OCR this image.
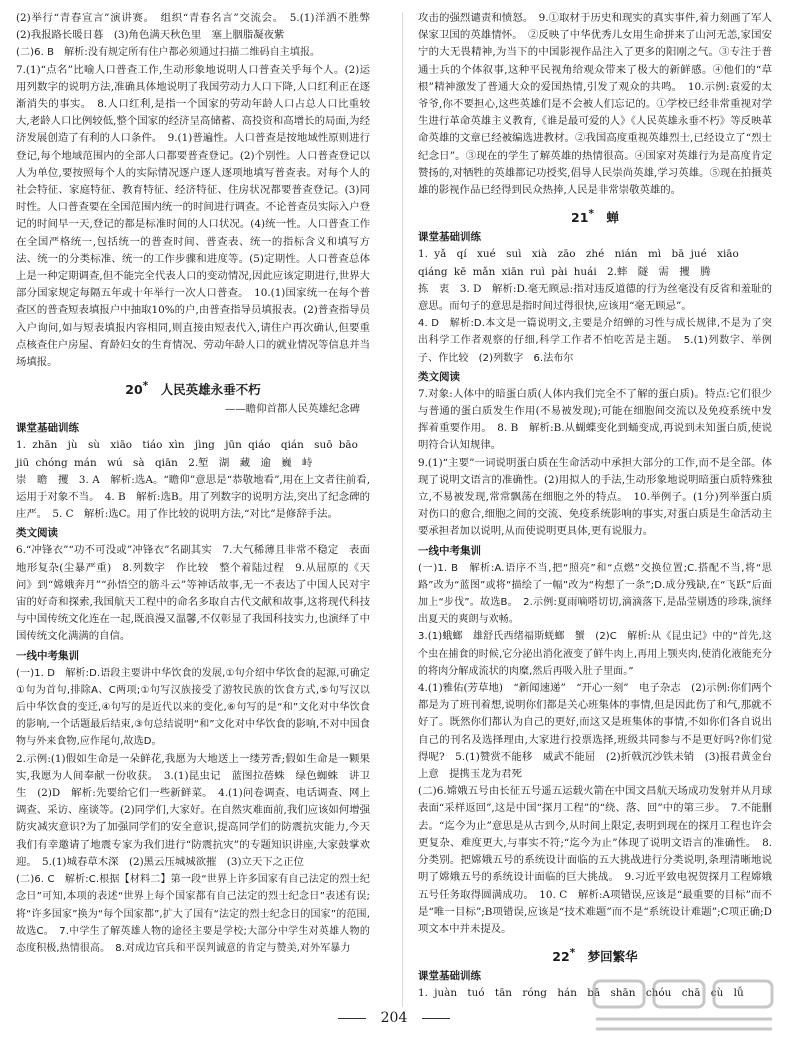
(2)举行“青春宣言”演讲赛。　组织“青春名言”交流会。　5.(1)洋洒不胜弊　(2)我报路长暖日暮　(3)角色满天秋色里　塞上胭脂凝夜紫

(二)6. B　解析:没有规定所有住户都必须通过扫描二维码自主填报。

7.(1)“点名”比喻人口普查工作,生动形象地说明人口普查关乎每个人。(2)运用列数字的说明方法,准确具体地说明了我国劳动力人口下降,人口红利正在逐渐消失的事实。　8.人口红利,是指一个国家的劳动年龄人口占总人口比重较大,老龄人口比例较低,整个国家的经济呈高储蓄、高投资和高增长的局面,为经济发展创造了有利的人口条件。　9.(1)普遍性。人口普查是按地域性原则进行登记,每个地域范围内的全部人口都要普查登记。(2)个别性。人口普查登记以人为单位,要按照每个人的实际情况逐户逐人逐项地填写普查表。对每个人的社会特征、家庭特征、教育特征、经济特征、住房状况都要普查登记。(3)同时性。人口普查要在全国范围内统一的时间进行调查。不论普查员实际入户登记的时间早一天,登记的都是标准时间的人口状况。(4)统一性。人口普查工作在全国严格统一,包括统一的普查时间、普查表、统一的指标含义和填写方法、统一的分类标准、统一的工作步骤和进度等。(5)定期性。人口普查总体上是一种定期调查,但不能完全代表人口的变动情况,因此应该定期进行,世界大部分国家规定每隔五年或十年举行一次人口普查。　10.(1)国家统一在每个普查区的普查短表填报户中抽取10%的户,由普查指导员填报表。(2)普查指导员入户询问,如与短表填报内容相同,则直接由短表代入,请住户再次确认,但要重点核查住户房屋、育龄妇女的生育情况、劳动年龄人口的就业情况等信息并当场填报。

20*　 人民英雄永垂不朽

——瞻仰首都人民英雄纪念碑

课堂基础训练

1. zhān　jù　sù　xiāo　tiáo xìn　jìng　jūn qiáo　qián　suō bāo

jiū chóng mán　wú　sà　qiān　2.堑　湖　藏　逾　巍　峙

崇　瞻　攫　3. A　解析:选A。“瞻仰”意思是“恭敬地看”,用在上文者往前看,运用于对象不当。　4. B　解析:选B。用了列数字的说明方法,突出了纪念碑的庄严。　5. C　解析:选C。用了作比较的说明方法,“对比”是修辞手法。

类文阅读

6.“冲锋衣”“功不可没或”冲锋衣”名副其实　7.大气稀薄且非常不稳定　表面地形复杂(尘暴严重)　8.列数字　作比较　整个着陆过程　9.从屈原的《天问》到“嫦娥奔月”“孙悟空的筋斗云”等神话故事,无一不表达了中国人民对宇宙的好奇和探索,我国航天工程中的命名多取自古代文献和故事,这将现代科技与中国传统文化连在一起,既浪漫又温馨,不仅彰显了我国科技实力,也演绎了中国传统文化满满的自信。

一线中考集训

(一)1. D　解析:D.语段主要讲中华饮食的发展,①句介绍中华饮食的起源,可确定①句为首句,排除A、C两项;①句写汉族接受了游牧民族的饮食方式,⑤句写汉以后中华饮食的变迁,④句写的是近代以来的变化,⑥句写的是“和”文化对中华饮食的影响,一个话题最后结束,③句总结说明“和”文化对中华饮食的影响,不对中国食物与外来食物,应作尾句,故选D。

2.示例:(1)假如生命是一朵鲜花,我愿为大地送上一缕芳香;假如生命是一颗果实,我愿为人间奉献一份收获。　3.(1)昆虫记　蓝图拉蓓蛛　绿色蜘蛛　讲卫生　(2)D　解析:先要给它们一些新鲜菜。　4.(1)问卷调查、电话调查、网上调查、采访、座谈等。(2)同学们,大家好。在自然灾难面前,我们应该如何增强防灾减灾意识?为了加强同学们的安全意识,提高同学们的防震抗灾能力,今天我们有幸邀请了地震专家为我们进行“防震抗灾”的专题知识讲座,大家鼓掌欢迎。　5.(1)城春草木深　(2)黑云压城城欲摧　(3)立天下之正位

(二)6. C　解析:C.根据【材料二】第一段“世界上许多国家有自己法定的烈士纪念日”可知,本项的表述“世界上每个国家都有自己法定的烈士纪念日”表述有误;将“许多国家”换为“每个国家都”,扩大了国有“法定的烈士纪念日的国家”的范围,故选C。　7.中学生了解英雄人物的途径主要是学校;大部分中学生对英雄人物的态度积极,热情很高。　8.对成边官兵和平误判诚意的肯定与赞美,对外军暴力

攻击的强烈谴责和愤怒。　9.①取材于历史和现实的真实事件,着力刻画了军人保家卫国的英雄情怀。　②反映了中华优秀儿女用生命拼来了山河无恙,家国安宁的大无畏精神,为当下的中国影视作品注入了更多的阳刚之气。③专注于普通士兵的个体叙事,这种平民视角给观众带来了极大的新鲜感。④他们的“草根”精神激发了普通大众的爱国热情,引发了观众的共鸣。　10.示例:袁爱的太爷爷,你不要担心,这些英雄们是不会被人们忘记的。①学校已经非常重视对学生进行革命英雄主义教育,《谁是最可爱的人》《人民英雄永垂不朽》等反映革命英雄的文章已经被编选进教材。②我国高度重视英雄烈士,已经设立了“烈士纪念日”。③现在的学生了解英雄的热情很高。④国家对英雄行为是高度肯定赞扬的,对牺牲的英雄都记功授奖,倡导人民崇尚英雄,学习英雄。⑤现在拍摄英雄的影视作品已经得到民众热捧,人民是非常崇敬英雄的。

21*　 蝉

课堂基础训练

1. yǎ　qí　xué　suì　xià　zāo　zhé　nián　mì　bā jué　xiāo

qiáng kē mǎn xiān ruì pài huái　2.蟀　隧　需　攫　腾

拣　衷　3. D　解析:D.毫无顾忌:指对违反道德的行为丝毫没有反省和羞耻的意思。而句子的意思是指时间过得很快,应该用“毫无顾忌”。

4. D　解析:D.本文是一篇说明文,主要是介绍蝉的习性与成长规律,不是为了突出科学工作者观察的仔细,科学工作者不怕吃苦是主题。　5.(1)列数字、举例子、作比较　(2)列数字　6.法布尔

类文阅读

7.对象:人体中的暗蛋白质(人体内我们完全不了解的蛋白质)。特点:它们很少与普通的蛋白质发生作用(不易被发现);可能在细胞间交流以及免疫系统中发挥着重要作用。　8. B　解析:B.从蝴蝶变化到蛹变成,再说到未知蛋白质,使说明符合认知规律。

9.(1)“主要”一词说明蛋白质在生命活动中承担大部分的工作,而不是全部。体现了说明文语言的准确性。(2)用拟人的手法,生动形象地说明暗蛋白质特殊独立,不易被发现,常常飘荡在细胞之外的特点。　10.举例子。(1分)列举蛋白质对伤口的愈合,细胞之间的交流、免疫系统影响的事实,对蛋白质是生命活动主要承担者加以说明,从而使说明更具体,更有说服力。

一线中考集训

(一)1. B　解析:A.语序不当,把“照亮”和“点燃”交换位置;C.搭配不当,将“思路”改为“蓝图”或将“描绘了一幅”改为“构想了一条”;D.成分残缺,在“飞跃”后面加上“步伐”。故选B。　2.示例:夏雨嘀嗒切切,滴滴落下,是晶莹剔透的珍珠,演绎出夏天的爽朗与欢畅。

3.(1)蛾螂　雄舒氏西绪福斯蜣螂　蟹　(2)C　解析:从《昆虫记》中的“首先,这个虫在捕食的时候,它分泌出消化液变了鲜牛肉上,再用上颚夹肉,使消化液能充分的将肉分解成流状的肉糜,然后再吸入肚子里面。”

4.(1)雅佑(芳草地)　“新闻速递”　“开心一刻”　电子杂志　(2)示例:你们两个都是为了班刊着想,说明你们都是关心班集体的事情,但是因此伤了和气,那就不好了。既然你们都认为自己的更好,而这又是班集体的事情,不如你们各自说出自己的刊名及选择理由,大家进行投票选择,班级共同参与不是更好吗?你们觉得呢?　5.(1)赞赏不能移　威武不能屈　(2)折戟沉沙铁未销　(3)报君黄金台上意　提携玉龙为君死

(二)6.嫦娥五号由长征五号遥五运载火箭在中国文昌航天场成功发射并从月球表面“采样返回”,这是中国“探月工程”的“绕、落、回”中的第三步。　7.不能删去。“迄今为止”意思是从古到今,从时间上限定,表明到现在的探月工程也许会更复杂、难度更大,与事实不符;“迄今为止”体现了说明文语言的准确性。　8.分类别。把嫦娥五号的系统设计面临的五大挑战进行分类说明,条理清晰地说明了嫦娥五号的系统设计面临的巨大挑战。　9.习近平致电祝贺探月工程嫦娥五号任务取得圆满成功。　10. C　解析:A项错误,应该是“最重要的目标”而不是“唯一目标”;B项错误,应该是“技术难题”而不是“系统设计难题”;C项正确;D项文本中并未提及。

22*　 梦回繁华

课堂基础训练

1. juàn　tuó　tān　róng　hán　bā　shān　chóu　chā　cù　lǚ

204
